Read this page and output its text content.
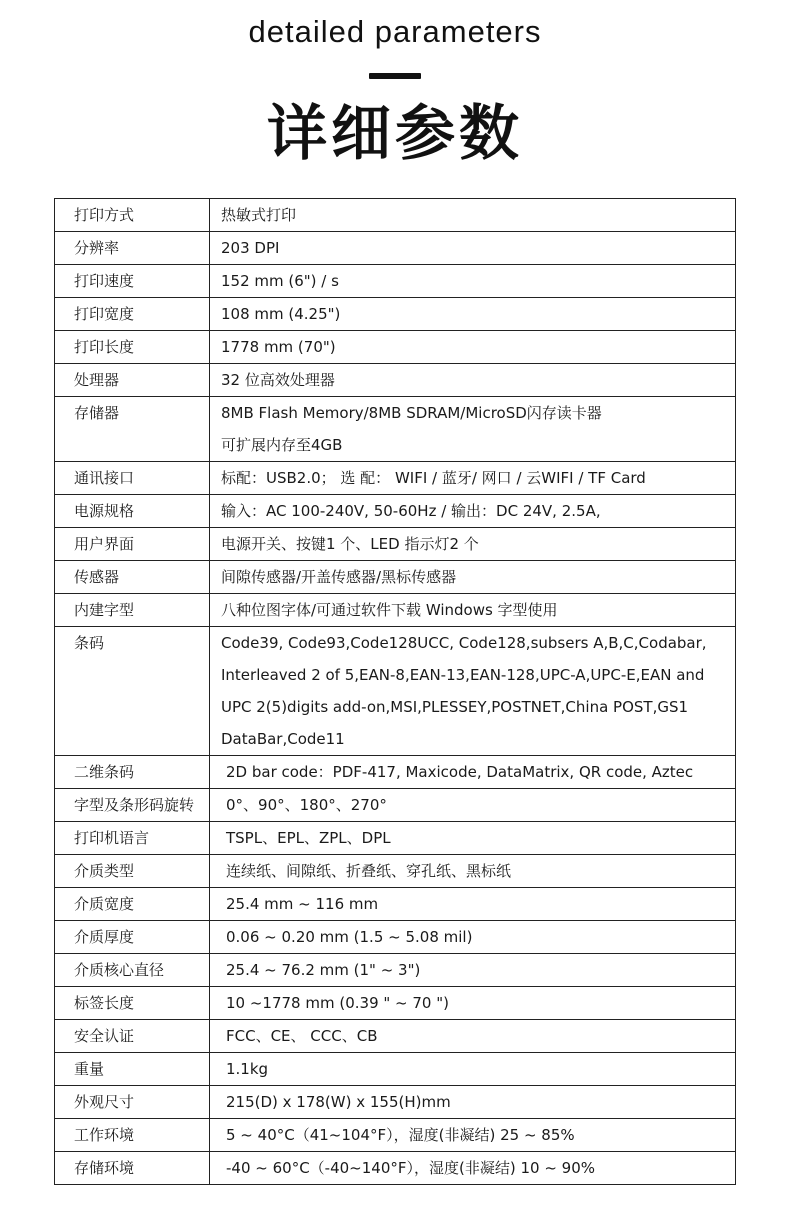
detailed parameters
详细参数
打印方式	热敏式打印

分辨率	203 DPI

打印速度	152 mm (6") / s

打印宽度	108 mm (4.25")

打印长度	1778 mm (70")

处理器	32 位高效处理器

存储器	8MB Flash Memory/8MB SDRAM/MicroSD闪存读卡器
可扩展内存至4GB

通讯接口	标配：USB2.0； 选 配： WIFI / 蓝牙/ 网口 / 云WIFI / TF Card

电源规格	输入：AC 100-240V, 50-60Hz / 输出：DC 24V, 2.5A,

用户界面	电源开关、按键1 个、LED 指示灯2 个

传感器	间隙传感器/开盖传感器/黑标传感器

内建字型	八种位图字体/可通过软件下载 Windows 字型使用

条码	Code39, Code93,Code128UCC, Code128,subsers A,B,C,Codabar,
Interleaved 2 of 5,EAN-8,EAN-13,EAN-128,UPC-A,UPC-E,EAN and
UPC 2(5)digits add-on,MSI,PLESSEY,POSTNET,China POST,GS1
DataBar,Code11

二维条码	2D bar code：PDF-417, Maxicode, DataMatrix, QR code, Aztec

字型及条形码旋转	0°、90°、180°、270°

打印机语言	TSPL、EPL、ZPL、DPL

介质类型	连续纸、间隙纸、折叠纸、穿孔纸、黑标纸

介质宽度	25.4 mm ~ 116 mm

介质厚度	0.06 ~ 0.20 mm (1.5 ~ 5.08 mil)

介质核心直径	25.4 ~ 76.2 mm (1" ~ 3")

标签长度	10 ~1778 mm (0.39 " ~ 70 ")

安全认证	FCC、CE、 CCC、CB

重量	1.1kg

外观尺寸	215(D) x 178(W) x 155(H)mm

工作环境	5 ~ 40°C（41~104°F），湿度(非凝结) 25 ~ 85%

存储环境	-40 ~ 60°C（-40~140°F），湿度(非凝结) 10 ~ 90%
